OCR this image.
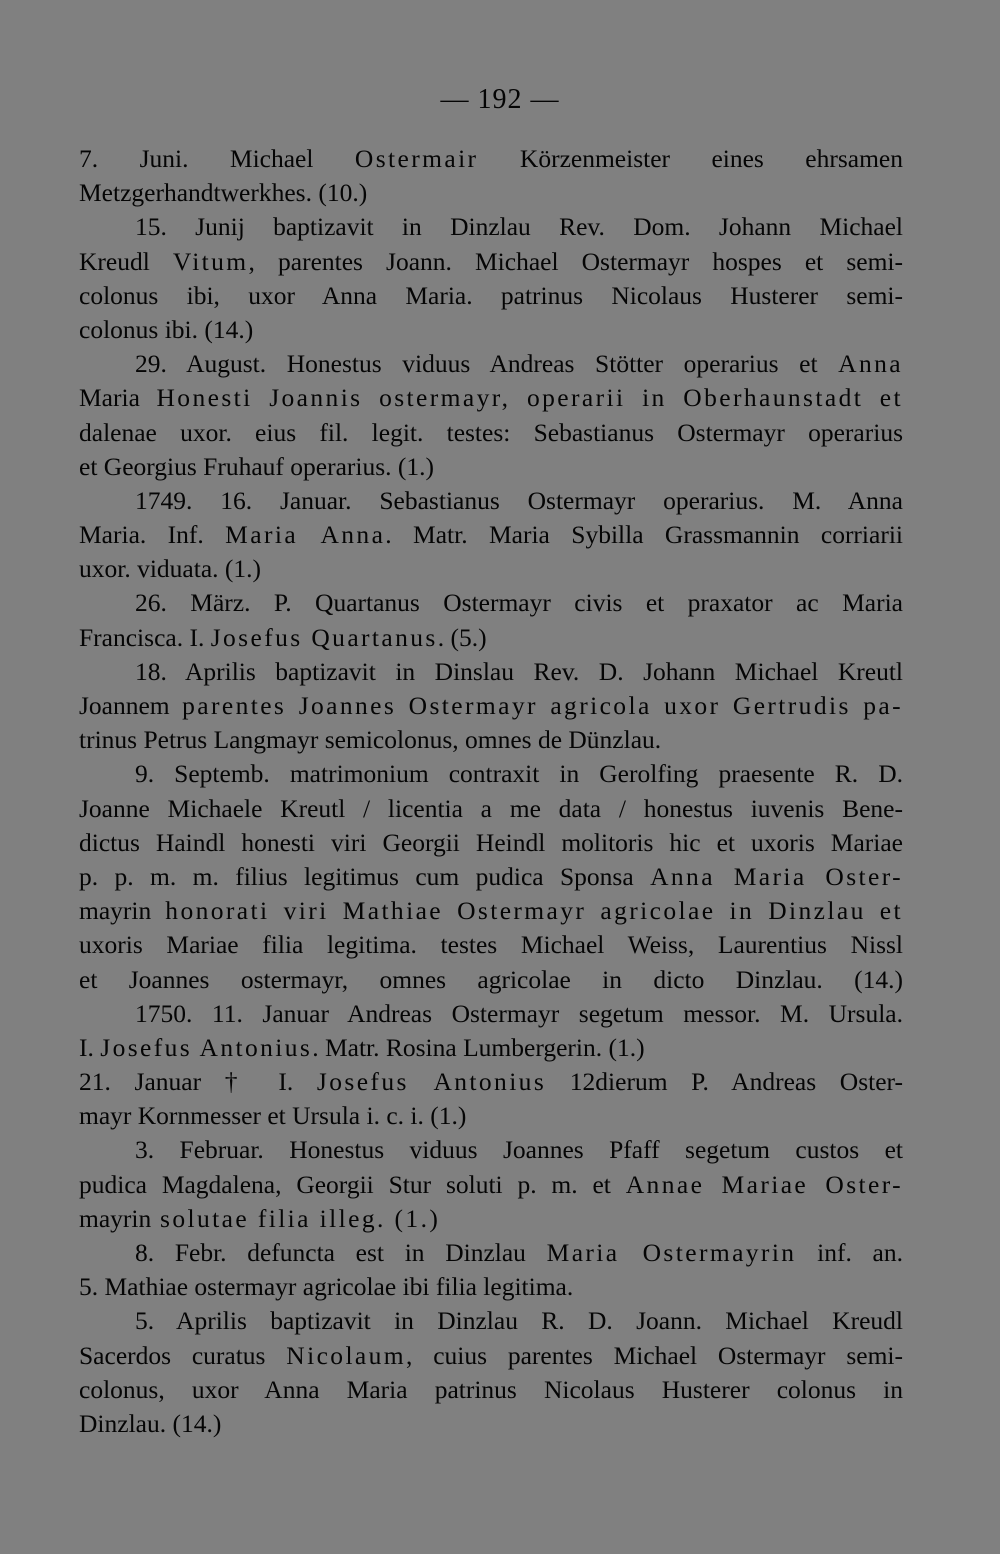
— 192 —
7. Juni. Michael Ostermair Körzenmeister eines ehrsamen
Metzgerhandtwerkhes. (10.)
15. Junij baptizavit in Dinzlau Rev. Dom. Johann Michael
Kreudl Vitum, parentes Joann. Michael Ostermayr hospes et semi-
colonus ibi, uxor Anna Maria. patrinus Nicolaus Husterer semi-
colonus ibi. (14.)
29. August. Honestus viduus Andreas Stötter operarius et Anna
Maria Honesti Joannis ostermayr, operarii in Oberhaunstadt et
dalenae uxor. eius fil. legit. testes: Sebastianus Ostermayr operarius
et Georgius Fruhauf operarius. (1.)
1749. 16. Januar. Sebastianus Ostermayr operarius. M. Anna
Maria. Inf. Maria Anna. Matr. Maria Sybilla Grassmannin corriarii
uxor. viduata. (1.)
26. März. P. Quartanus Ostermayr civis et praxator ac Maria
Francisca. I. Josefus Quartanus. (5.)
18. Aprilis baptizavit in Dinslau Rev. D. Johann Michael Kreutl
Joannem parentes Joannes Ostermayr agricola uxor Gertrudis pa-
trinus Petrus Langmayr semicolonus, omnes de Dünzlau.
9. Septemb. matrimonium contraxit in Gerolfing praesente R. D.
Joanne Michaele Kreutl / licentia a me data / honestus iuvenis Bene-
dictus Haindl honesti viri Georgii Heindl molitoris hic et uxoris Mariae
p. p. m. m. filius legitimus cum pudica Sponsa Anna Maria Oster-
mayrin honorati viri Mathiae Ostermayr agricolae in Dinzlau et
uxoris Mariae filia legitima. testes Michael Weiss, Laurentius Nissl
et Joannes ostermayr, omnes agricolae in dicto Dinzlau. (14.)
1750. 11. Januar Andreas Ostermayr segetum messor. M. Ursula.
I. Josefus Antonius. Matr. Rosina Lumbergerin. (1.)
21. Januar † I. Josefus Antonius 12dierum P. Andreas Oster-
mayr Kornmesser et Ursula i. c. i. (1.)
3. Februar. Honestus viduus Joannes Pfaff segetum custos et
pudica Magdalena, Georgii Stur soluti p. m. et Annae Mariae Oster-
mayrin solutae filia illeg. (1.)
8. Febr. defuncta est in Dinzlau Maria Ostermayrin inf. an.
5. Mathiae ostermayr agricolae ibi filia legitima.
5. Aprilis baptizavit in Dinzlau R. D. Joann. Michael Kreudl
Sacerdos curatus Nicolaum, cuius parentes Michael Ostermayr semi-
colonus, uxor Anna Maria patrinus Nicolaus Husterer colonus in
Dinzlau. (14.)
